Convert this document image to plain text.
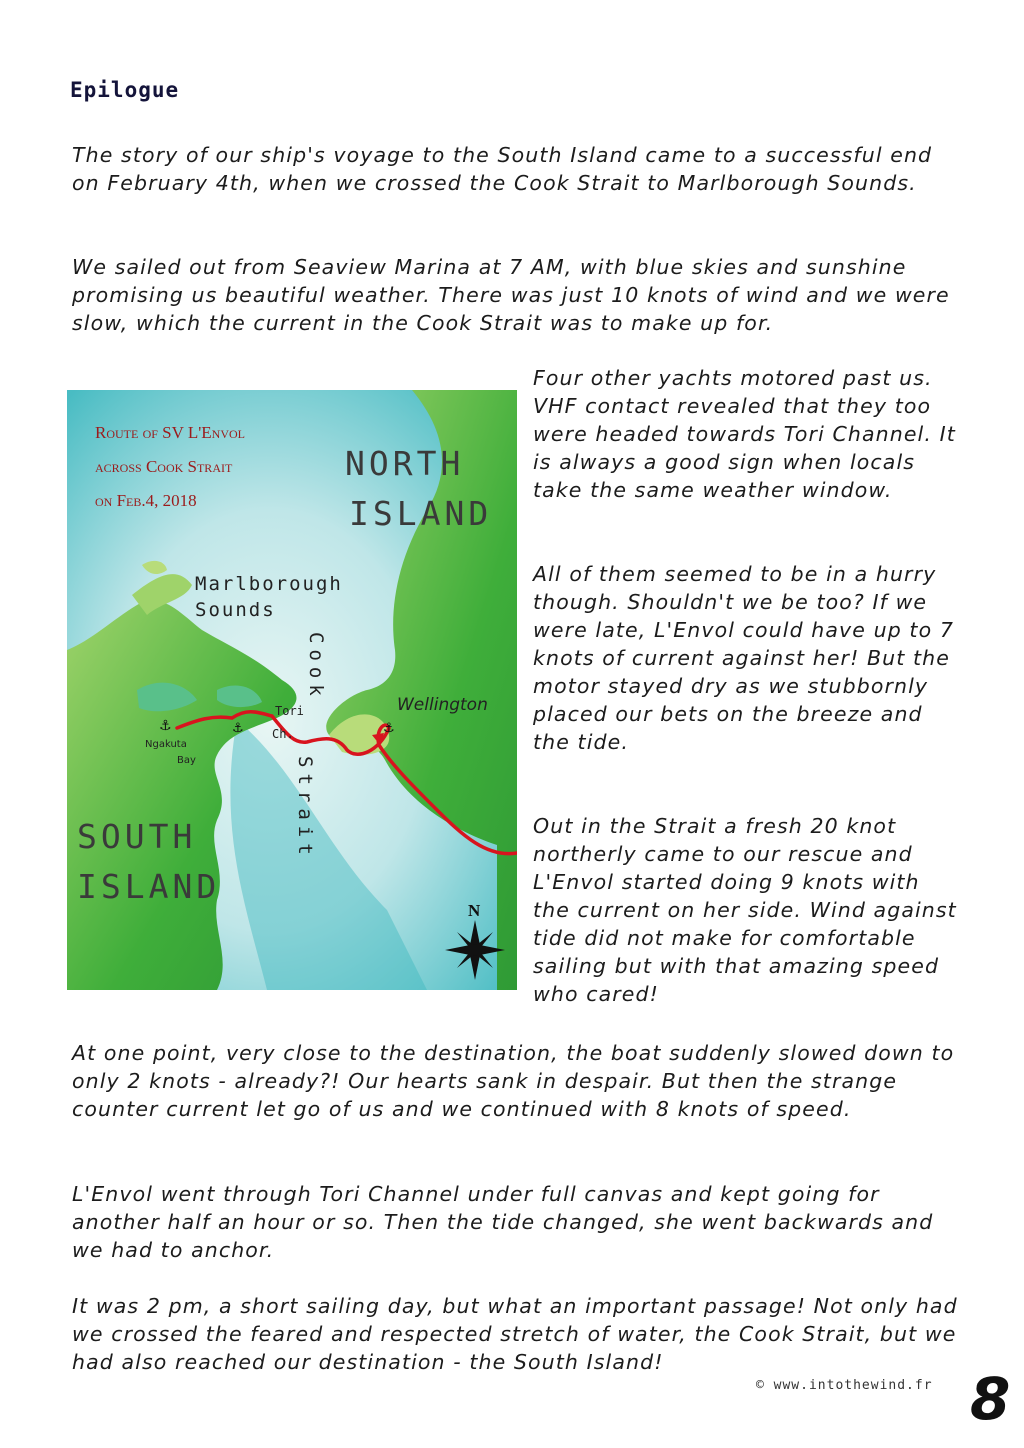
Epilogue

The story of our ship's voyage to the South Island came to a successful end on February 4th, when we crossed the Cook Strait to Marlborough Sounds.

We sailed out from Seaview Marina at 7 AM, with blue skies and sunshine promising us beautiful weather. There was just 10 knots of wind and we were slow, which the current in the Cook Strait was to make up for.

Four other yachts motored past us. VHF contact revealed that they too were headed towards Tori Channel. It is always a good sign when locals take the same weather window.

All of them seemed to be in a hurry though. Shouldn't we be too? If we were late, L'Envol could have up to 7 knots of current against her! But the motor stayed dry as we stubbornly placed our bets on the breeze and the tide.

Out in the Strait a fresh 20 knot northerly came to our rescue and L'Envol started doing 9 knots with the current on her side. Wind against tide did not make for comfortable sailing but with that amazing speed who cared!

At one point, very close to the destination, the boat suddenly slowed down to only 2 knots - already?! Our hearts sank in despair. But then the strange counter current let go of us and we continued with 8 knots of speed.

L'Envol went through Tori Channel under full canvas and kept going for another half an hour or so. Then the tide changed, she went backwards and we had to anchor.

It was 2 pm, a short sailing day, but what an important passage! Not only had we crossed the feared and respected stretch of water, the Cook Strait, but we had also reached our destination - the South Island!

⚓	⚓	⚓
Route of SV L'Envol
across Cook Strait
on Feb.4, 2018
NORTH
ISLAND
SOUTH
ISLAND
Marlborough
Sounds
Cook
Strait
Tori
Ch.
Wellington
Ngakuta
Bay
N
© www.intothewind.fr 8
